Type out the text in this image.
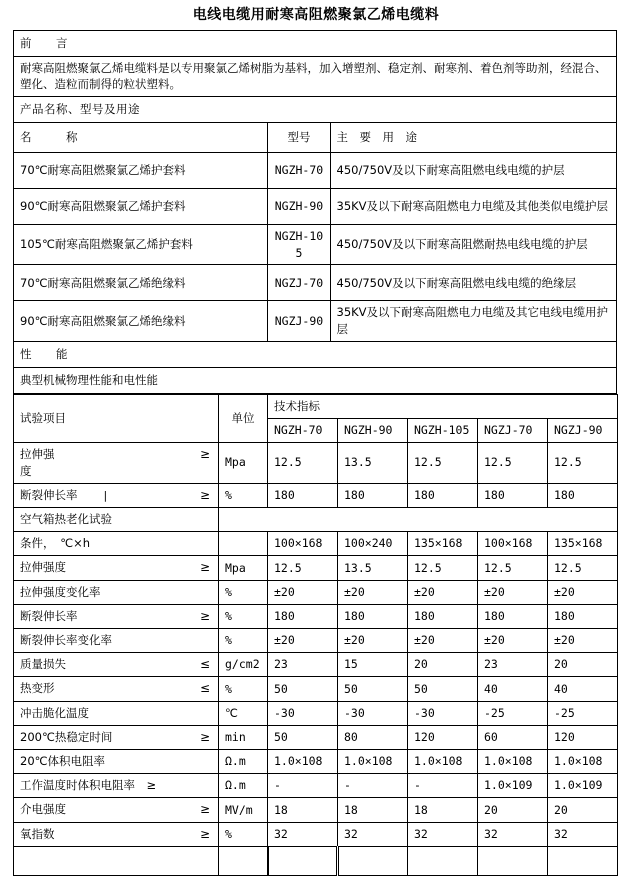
电线电缆用耐寒高阻燃聚氯乙烯电缆料
前　　言		
耐寒高阻燃聚氯乙烯电缆料是以专用聚氯乙烯树脂为基料，加入增塑剂、稳定剂、耐寒剂、着色剂等助剂，经混合、塑化、造粒而制得的粒状塑料。		
产品名称、型号及用途		
名　　　称	型号	主　要　用　途
70℃耐寒高阻燃聚氯乙烯护套料	NGZH-70	450/750V及以下耐寒高阻燃电线电缆的护层
90℃耐寒高阻燃聚氯乙烯护套料	NGZH-90	35KV及以下耐寒高阻燃电力电缆及其他类似电缆护层
105℃耐寒高阻燃聚氯乙烯护套料	NGZH-105	450/750V及以下耐寒高阻燃耐热电线电缆的护层
70℃耐寒高阻燃聚氯乙烯绝缘料	NGZJ-70	450/750V及以下耐寒高阻燃电线电缆的绝缘层
90℃耐寒高阻燃聚氯乙烯绝缘料	NGZJ-90	35KV及以下耐寒高阻燃电力电缆及其它电线电缆用护层
性　　能		
典型机械物理性能和电性能		
试验项目	单位	技术指标				
		NGZH-70	NGZH-90	NGZH-105	NGZJ-70	NGZJ-90

≥
拉伸强
度	Mpa	12.5	13.5	12.5	12.5	12.5

≥
断裂伸长率 |	%	180	180	180	180	180
空气箱热老化试验						
条件，　℃×h		100×168	100×240	135×168	100×168	135×168

≥
拉伸强度	Mpa	12.5	13.5	12.5	12.5	12.5

拉伸强度变化率	%	±20	±20	±20	±20	±20

≥
断裂伸长率	%	180	180	180	180	180

断裂伸长率变化率	%	±20	±20	±20	±20	±20

≤
质量损失	g/cm2	23	15	20	23	20

≤
热变形	%	50	50	50	40	40

冲击脆化温度	℃	-30	-30	-30	-25	-25

≥
200℃热稳定时间	min	50	80	120	60	120

20℃体积电阻率	Ω.m	1.0×108	1.0×108	1.0×108	1.0×108	1.0×108
工作温度时体积电阻率　≥	Ω.m	-	-	-	1.0×109	1.0×109

≥
介电强度	MV/m	18	18	18	20	20

≥
氧指数	%	32	32	32	32	32
